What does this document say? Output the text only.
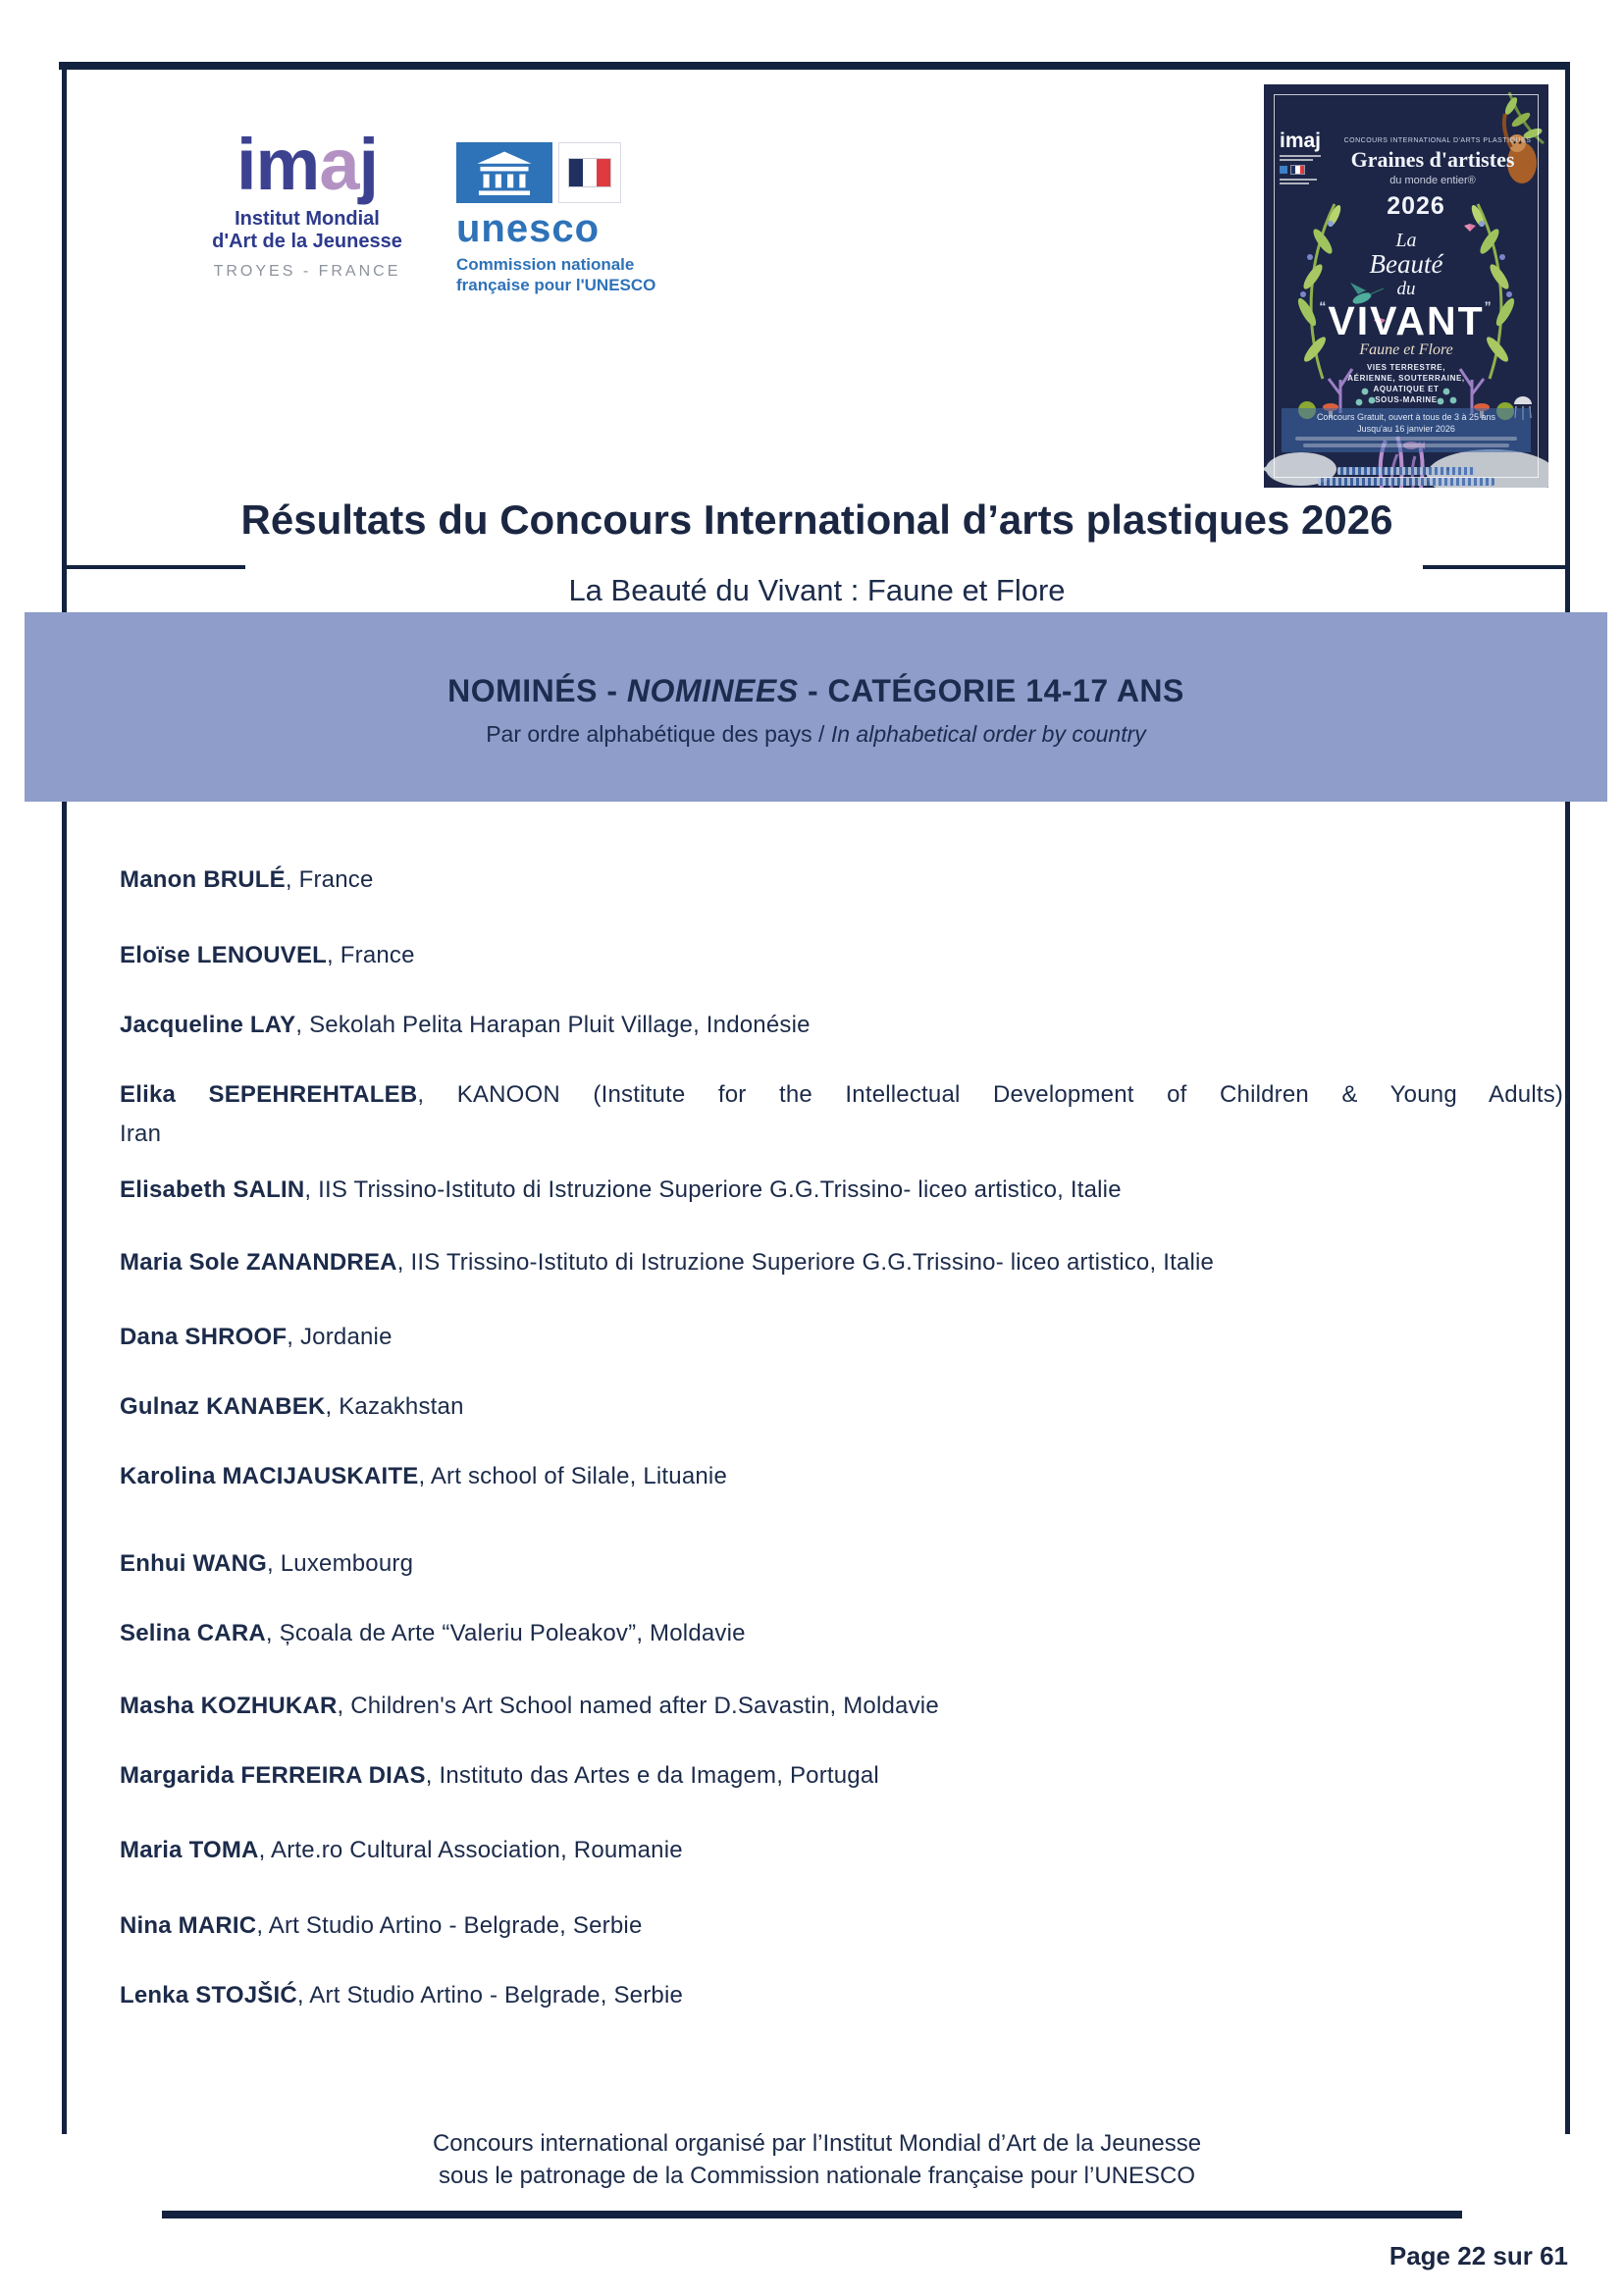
imaj
Institut Mondial
d'Art de la Jeunesse
TROYES - FRANCE
unesco
Commission nationale
française pour l'UNESCO
imaj	CONCOURS INTERNATIONAL D'ARTS PLASTIQUES
Graines d'artistes
du monde entier®
2026
La
Beauté
du
“VIVANT”
Faune et Flore
VIES TERRESTRE,
AÉRIENNE, SOUTERRAINE,
AQUATIQUE ET
SOUS-MARINE
Concours Gratuit, ouvert à tous de 3 à 25 ans
Jusqu'au 16 janvier 2026
Résultats du Concours International d’arts plastiques 2026
La Beauté du Vivant : Faune et Flore
NOMINÉS - NOMINEES - CATÉGORIE 14-17 ANS
Par ordre alphabétique des pays / In alphabetical order by country
Manon BRULÉ, France
Eloïse LENOUVEL, France
Jacqueline LAY, Sekolah Pelita Harapan Pluit Village, Indonésie
Elika SEPEHREHTALEB, KANOON (Institute for the Intellectual Development of Children & Young Adults),
Iran
Elisabeth SALIN, IIS Trissino-Istituto di Istruzione Superiore G.G.Trissino- liceo artistico, Italie
Maria Sole ZANANDREA, IIS Trissino-Istituto di Istruzione Superiore G.G.Trissino- liceo artistico, Italie
Dana SHROOF, Jordanie
Gulnaz KANABEK, Kazakhstan
Karolina MACIJAUSKAITE, Art school of Silale, Lituanie
Enhui WANG, Luxembourg
Selina CARA, Școala de Arte “Valeriu Poleakov”, Moldavie
Masha KOZHUKAR, Children's Art School named after D.Savastin, Moldavie
Margarida FERREIRA DIAS, Instituto das Artes e da Imagem, Portugal
Maria TOMA, Arte.ro Cultural Association, Roumanie
Nina MARIC, Art Studio Artino - Belgrade, Serbie
Lenka STOJŠIĆ, Art Studio Artino - Belgrade, Serbie
Concours international organisé par l’Institut Mondial d’Art de la Jeunesse
sous le patronage de la Commission nationale française pour l’UNESCO
Page 22 sur 61
